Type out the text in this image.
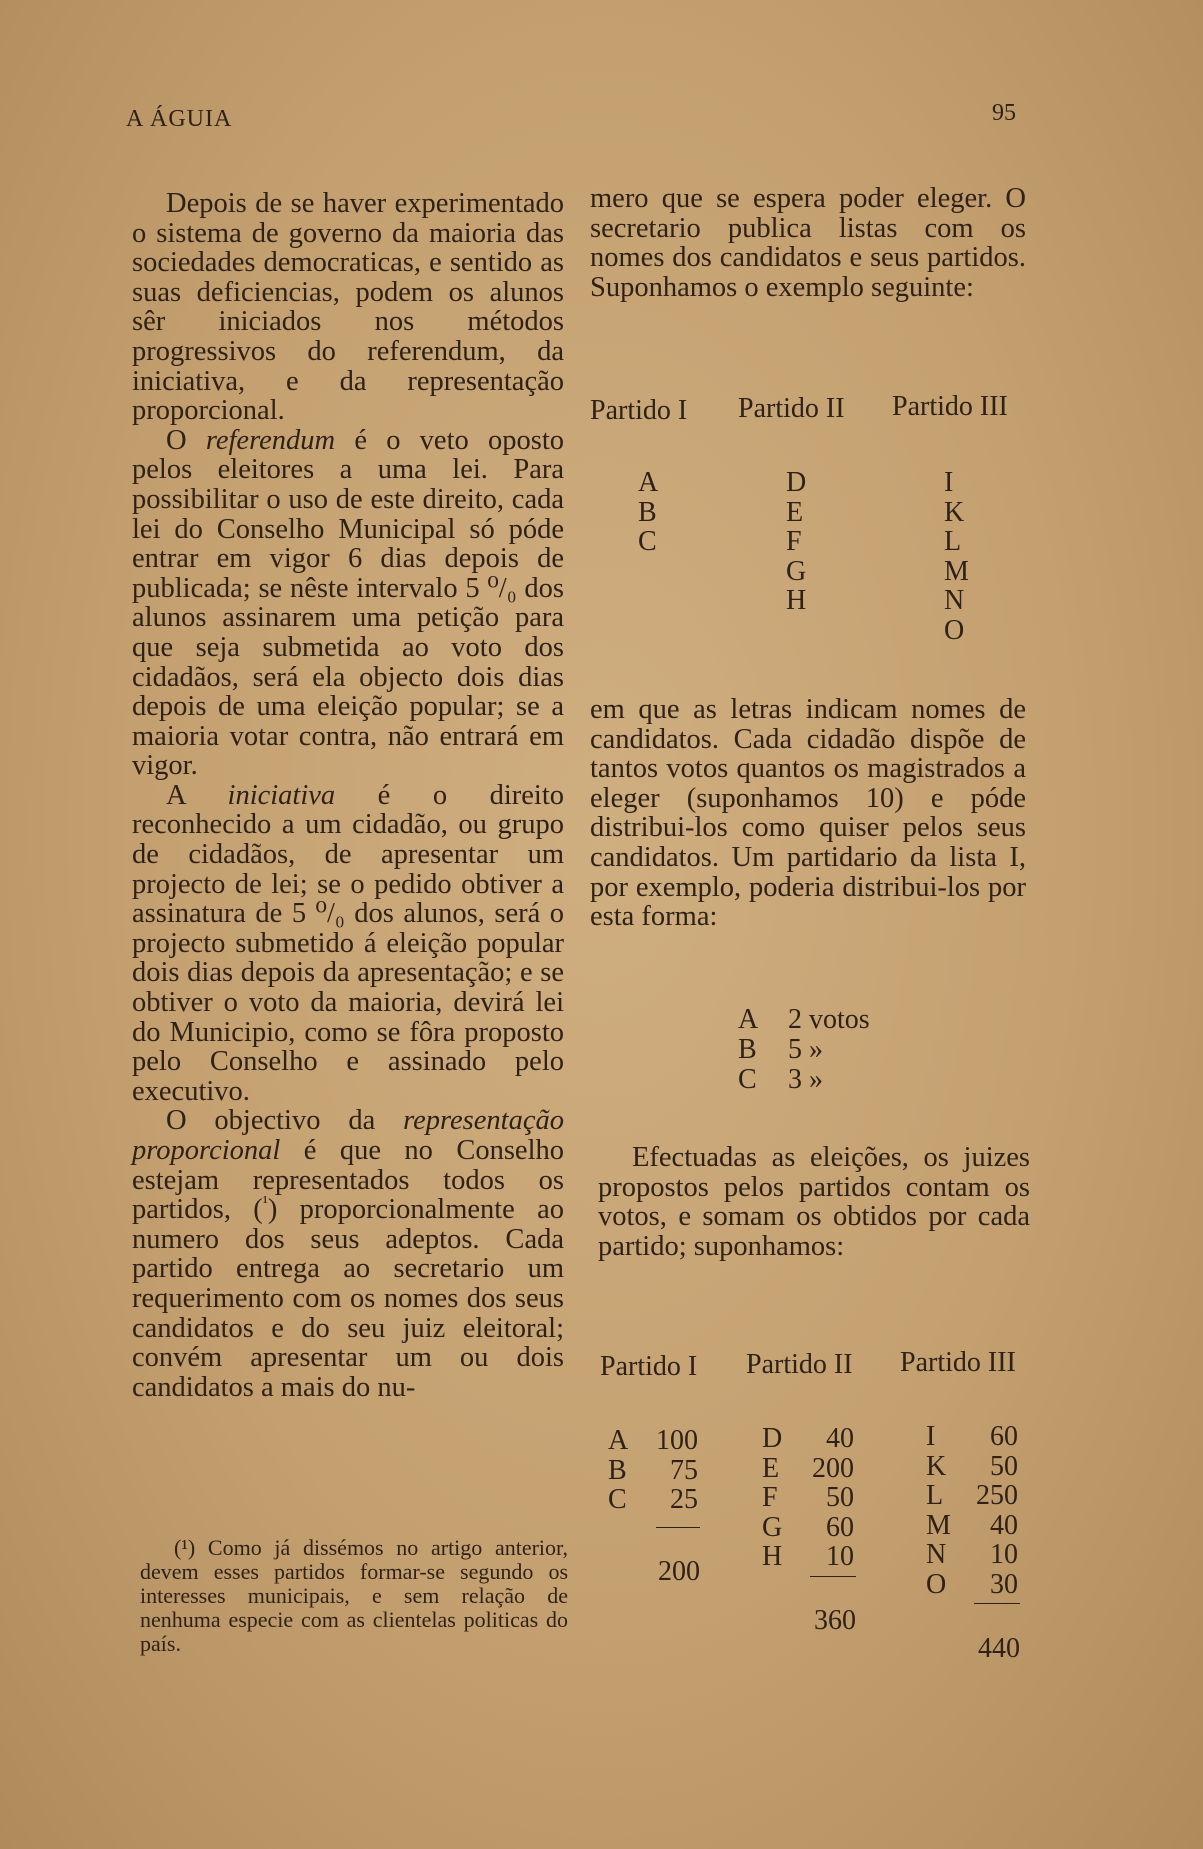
A ÁGUIA	95

Depois de se haver experimentado o sistema de governo da maioria das sociedades democraticas, e sentido as suas deficiencias, podem os alunos sêr iniciados nos métodos progressivos do referendum, da iniciativa, e da representação proporcional.

O referendum é o veto oposto pelos eleitores a uma lei. Para possibilitar o uso de este direito, cada lei do Conselho Municipal só póde entrar em vigor 6 dias depois de publicada; se nêste intervalo 5 ⁰/₀ dos alunos assinarem uma petição para que seja submetida ao voto dos cidadãos, será ela objecto dois dias depois de uma eleição popular; se a maioria votar contra, não entrará em vigor.

A iniciativa é o direito reconhecido a um cidadão, ou grupo de cidadãos, de apresentar um projecto de lei; se o pedido obtiver a assinatura de 5 ⁰/₀ dos alunos, será o projecto submetido á eleição popular dois dias depois da apresentação; e se obtiver o voto da maioria, devirá lei do Municipio, como se fôra proposto pelo Conselho e assinado pelo executivo.

O objectivo da representação proporcional é que no Conselho estejam representados todos os partidos, ($^{^1}$) proporcionalmente ao numero dos seus adeptos. Cada partido entrega ao secretario um requerimento com os nomes dos seus candidatos e do seu juiz eleitoral; convém apresentar um ou dois candidatos a mais do nu-

(¹) Como já dissémos no artigo anterior, devem esses partidos formar-se segundo os interesses municipais, e sem relação de nenhuma especie com as clientelas politicas do país.

mero que se espera poder eleger. O secretario publica listas com os nomes dos candidatos e seus partidos. Suponhamos o exemplo seguinte:

Partido I Partido II Partido III
A
B
C
D
E
F
G
H
I
K
L
M
N
O

em que as letras indicam nomes de candidatos. Cada cidadão dispõe de tantos votos quantos os magistrados a eleger (suponhamos 10) e póde distribui-los como quiser pelos seus candidatos. Um partidario da lista I, por exemplo, poderia distribui-los por esta forma:

A 2 votos
B 5 »
C 3 »

Efectuadas as eleições, os juizes propostos pelos partidos contam os votos, e somam os obtidos por cada partido; suponhamos:

Partido I Partido II Partido III
A 100
B 75
C 25
200
D 40
E 200
F 50
G 60
H 10
360
I 60
K 50
L 250
M 40
N 10
O 30
440
